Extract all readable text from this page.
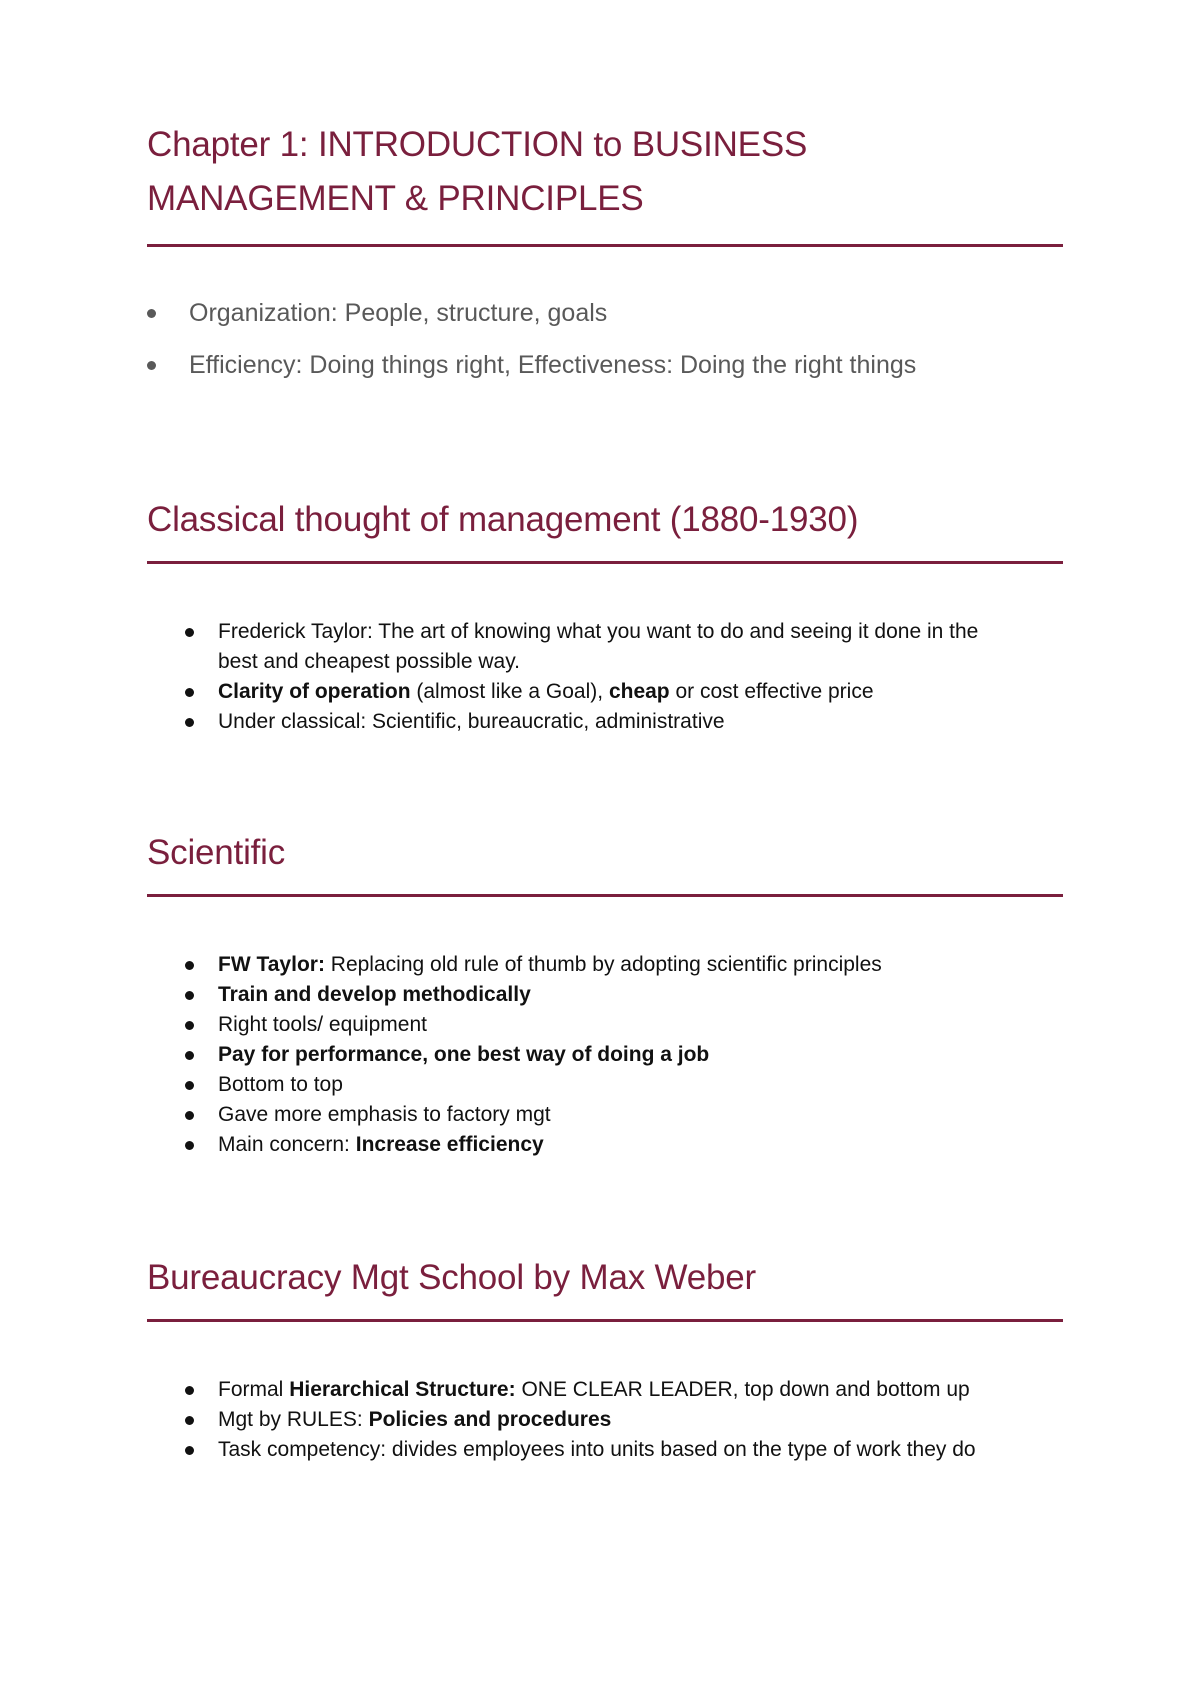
Chapter 1: INTRODUCTION to BUSINESS
MANAGEMENT & PRINCIPLES
Organization: People, structure, goals
Efficiency: Doing things right, Effectiveness: Doing the right things
Classical thought of management (1880-1930)
Frederick Taylor: The art of knowing what you want to do and seeing it done in the
best and cheapest possible way.
Clarity of operation (almost like a Goal), cheap or cost effective price
Under classical: Scientific, bureaucratic, administrative
Scientific
FW Taylor: Replacing old rule of thumb by adopting scientific principles
Train and develop methodically
Right tools/ equipment
Pay for performance, one best way of doing a job
Bottom to top
Gave more emphasis to factory mgt
Main concern: Increase efficiency
Bureaucracy Mgt School by Max Weber
Formal Hierarchical Structure: ONE CLEAR LEADER, top down and bottom up
Mgt by RULES: Policies and procedures
Task competency: divides employees into units based on the type of work they do
